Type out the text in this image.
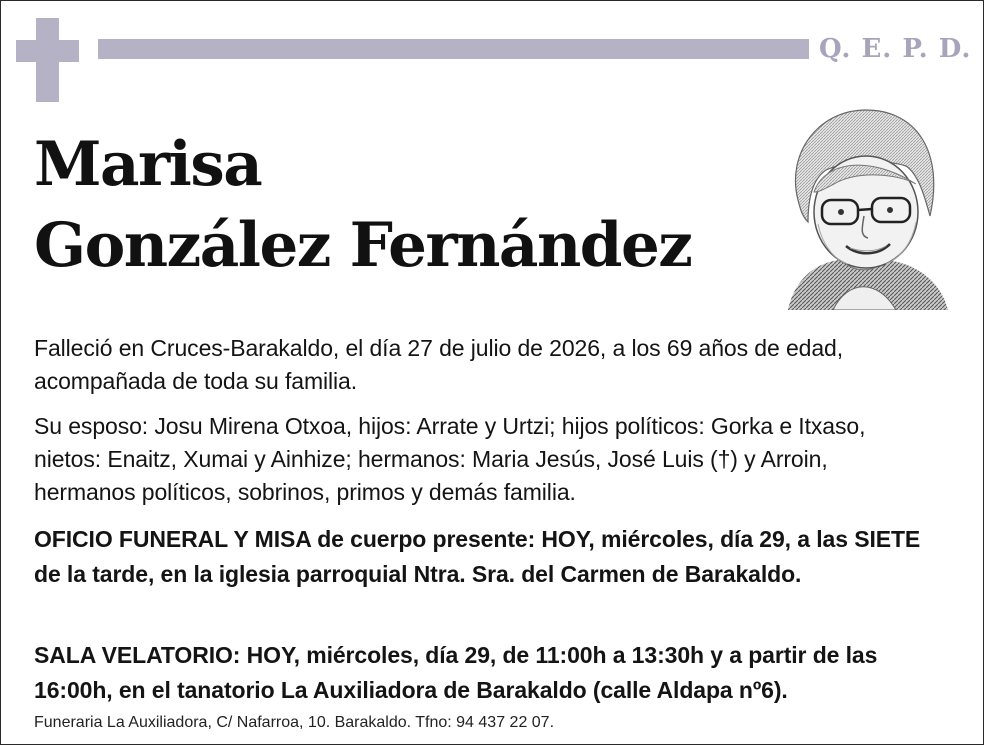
Q. E. P. D.
Marisa
González Fernández
Falleció en Cruces-Barakaldo, el día 27 de julio de 2026, a los 69 años de edad, acompañada de toda su familia.
Su esposo: Josu Mirena Otxoa, hijos: Arrate y Urtzi; hijos políticos: Gorka e Itxaso, nietos: Enaitz, Xumai y Ainhize; hermanos: Maria Jesús, José Luis (†) y Arroin, hermanos políticos, sobrinos, primos y demás familia.
OFICIO FUNERAL Y MISA de cuerpo presente: HOY, miércoles, día 29, a las SIETE de la tarde, en la iglesia parroquial Ntra. Sra. del Carmen de Barakaldo.
SALA VELATORIO: HOY, miércoles, día 29, de 11:00h a 13:30h y a partir de las 16:00h, en el tanatorio La Auxiliadora de Barakaldo (calle Aldapa nº6).
Funeraria La Auxiliadora, C/ Nafarroa, 10. Barakaldo. Tfno: 94 437 22 07.
